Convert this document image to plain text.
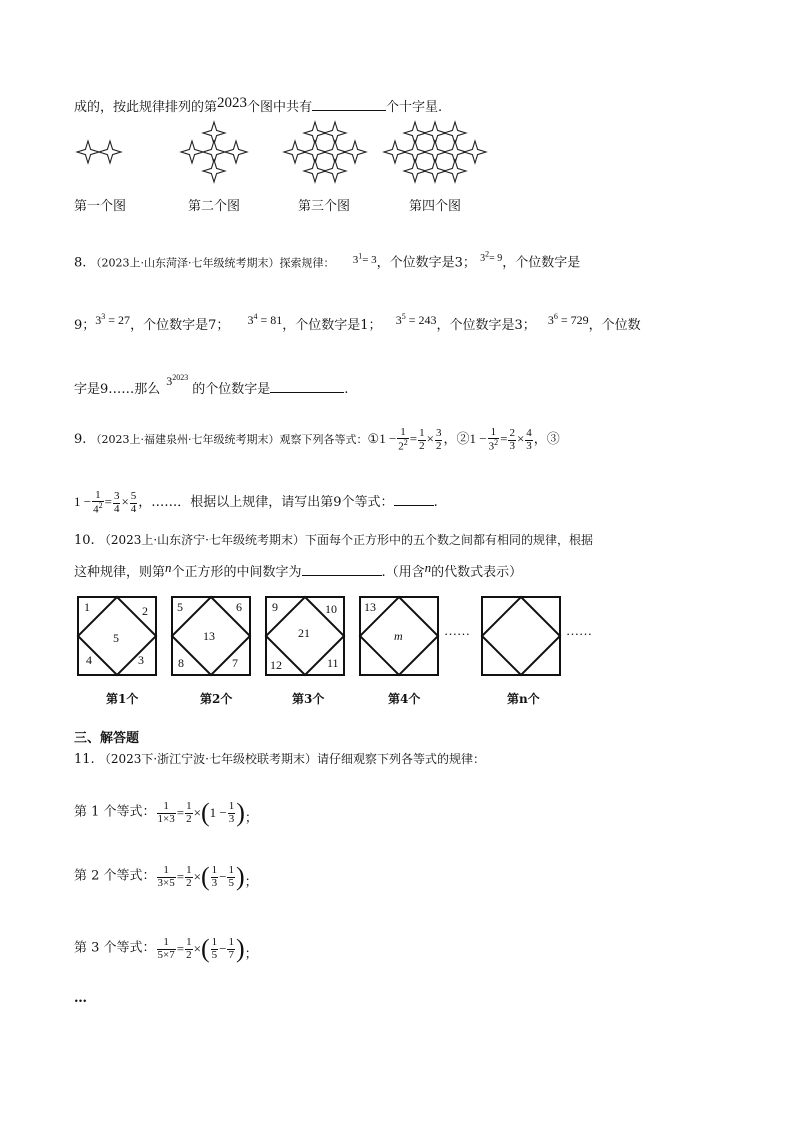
成的，按此规律排列的第2023个图中共有	个十字星.
第一个图	第二个图	第三个图	第四个图
8. （2023上·山东菏泽·七年级统考期末）探索规律： $^{3^1= 3}$，个位数字是3； $^{3^2= 9}$，个位数字是
9；$3^3 = 27$，个位数字是7； $3^4 = 81$，个位数字是1； $3^5 = 243$，个位数字是3； $3^6 = 729$，个位数
字是9……那么$3^{2023}$的个位数字是	.
9. （2023上·福建泉州·七年级统考期末）观察下列各等式：①1 − $\frac{1}{2^2} = \frac{1}{2} \times \frac{3}{2}$ ，②1 − $\frac{1}{3^2} = \frac{2}{3} \times \frac{4}{3}$ ，③
$1 - \frac{1}{4^2} = \frac{3}{4} \times \frac{5}{4}$ ，……．根据以上规律，请写出第9个等式：	.
10. （2023上·山东济宁·七年级统考期末）下面每个正方形中的五个数之间都有相同的规律，根据
这种规律，则第n个正方形的中间数字为	.（用含n的代数式表示）
1	2
5
4	3
5	6
13
8	7
9	10
21
12	11
13
m	……	……
第1个	第2个	第3个	第4个	第n个
三、解答题
11. （2023下·浙江宁波·七年级校联考期末）请仔细观察下列各等式的规律：
第 1 个等式： $\frac{1}{1\times 3} = \frac{1}{2} \times(1 - \frac{1}{3}$ )；
第 2 个等式： $\frac{1}{3\times 5} = \frac{1}{2}$ ×( $\frac{1}{3} - \frac{1}{5}$ )；
第 3 个等式： $\frac{1}{5\times 7} = \frac{1}{2}$ ×( $\frac{1}{5} - \frac{1}{7}$ )；
…
